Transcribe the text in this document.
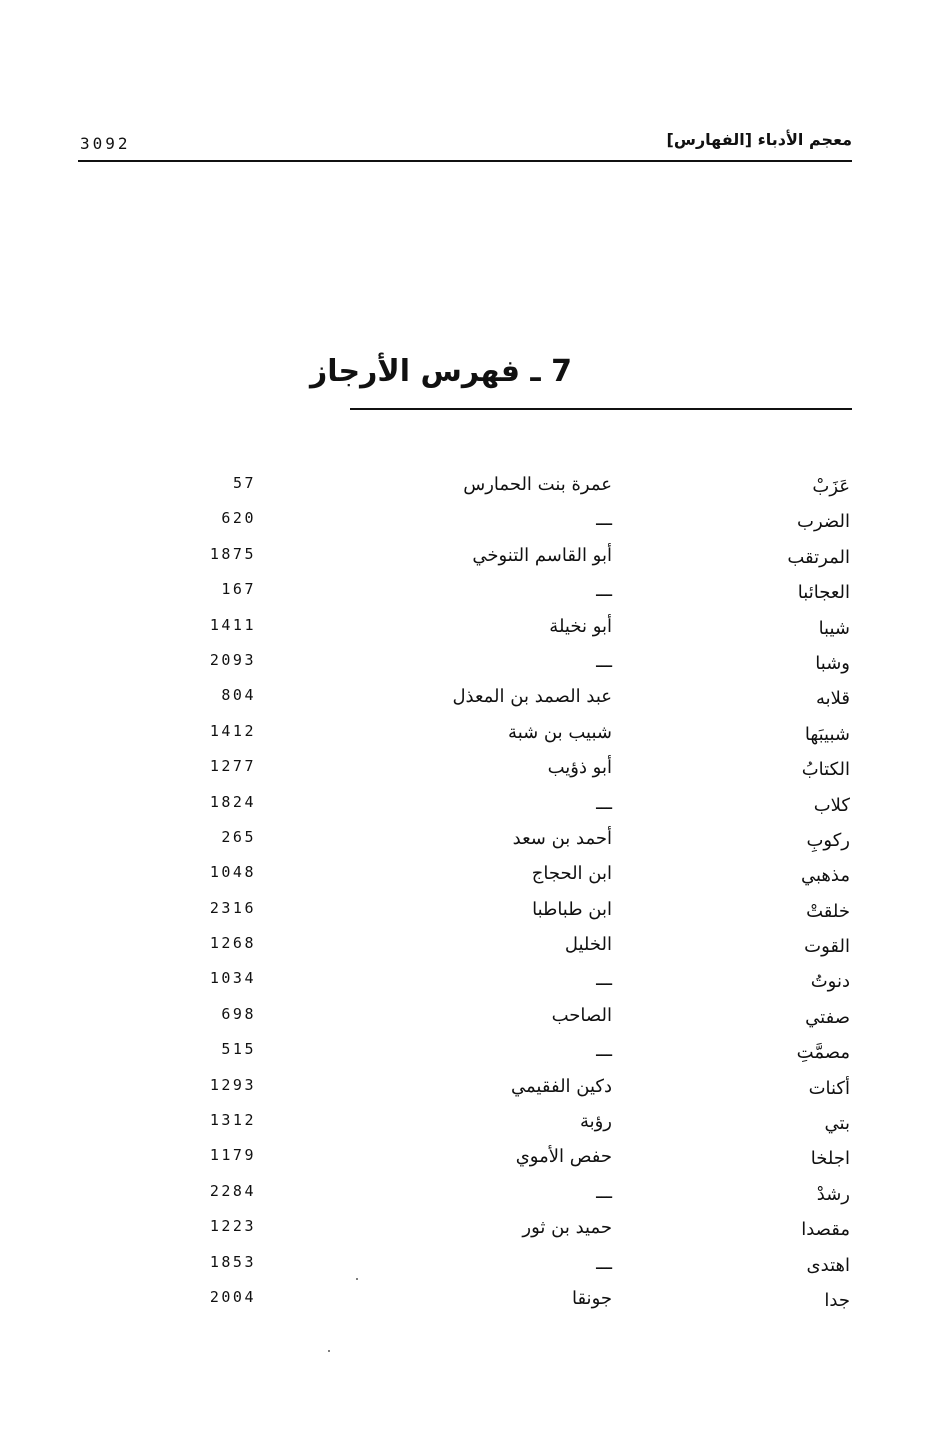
3092	معجم الأدباء [الفهارس]
7 ـ فهرس الأرجاز
57	عمرة بنت الحمارس	عَزَبْ
620	ـــ	الضرب
1875	أبو القاسم التنوخي	المرتقب
167	ـــ	العجائبا
1411	أبو نخيلة	شيبا
2093	ـــ	وشبا
804	عبد الصمد بن المعذل	قلابه
1412	شبيب بن شبة	شبيبَها
1277	أبو ذؤيب	الكتابُ
1824	ـــ	كلاب
265	أحمد بن سعد	ركوبِ
1048	ابن الحجاج	مذهبي
2316	ابن طباطبا	خلقتْ
1268	الخليل	القوت
1034	ـــ	دنوتُ
698	الصاحب	صفتي
515	ـــ	مصمَّتِ
1293	دكين الفقيمي	أكنات
1312	رؤبة	بتي
1179	حفص الأموي	اجلخا
2284	ـــ	رشدْ
1223	حميد بن ثور	مقصدا
1853	ـــ	اهتدى
2004	جونقا	جدا
